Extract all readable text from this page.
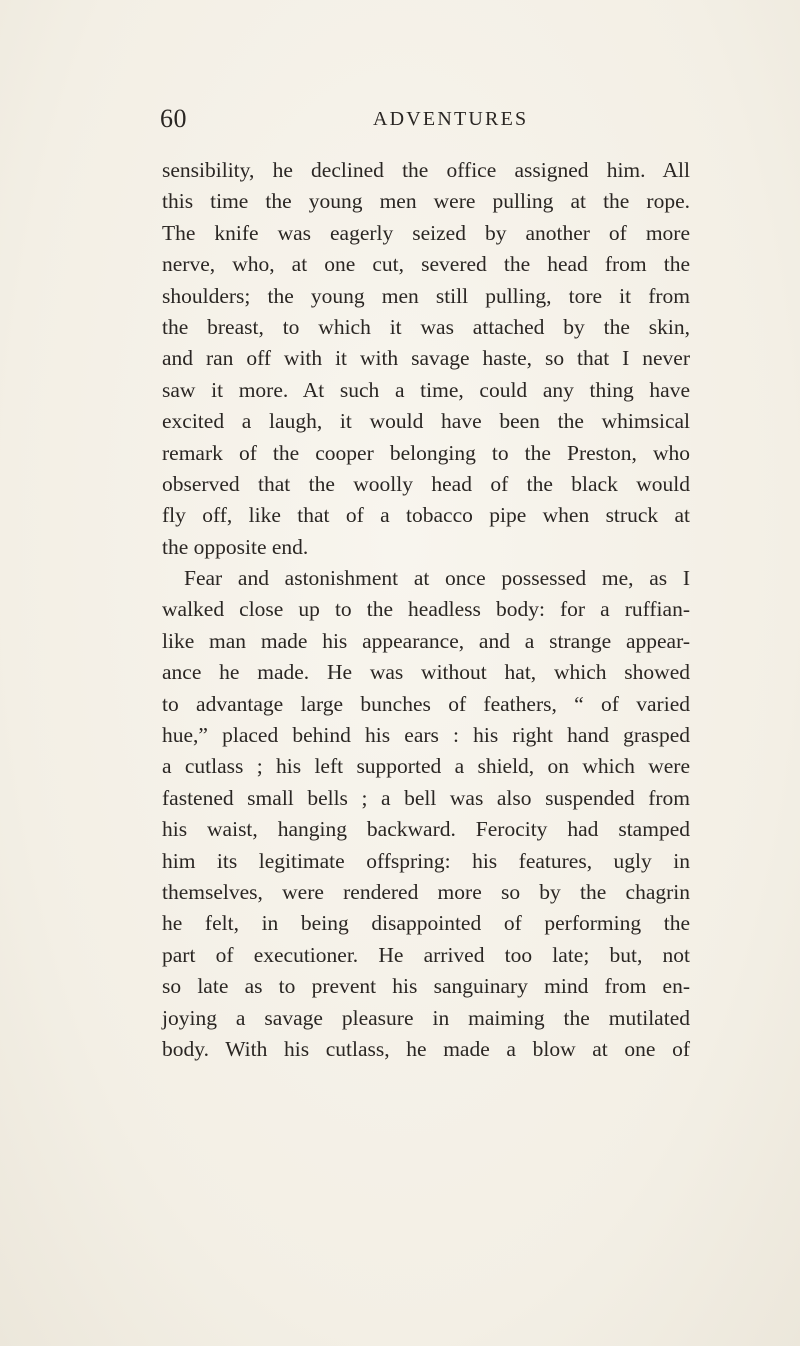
60	ADVENTURES
sensibility, he declined the office assigned him. All
this time the young men were pulling at the rope.
The knife was eagerly seized by another of more
nerve, who, at one cut, severed the head from the
shoulders; the young men still pulling, tore it from
the breast, to which it was attached by the skin,
and ran off with it with savage haste, so that I never
saw it more. At such a time, could any thing have
excited a laugh, it would have been the whimsical
remark of the cooper belonging to the Preston, who
observed that the woolly head of the black would
fly off, like that of a tobacco pipe when struck at
the opposite end.
Fear and astonishment at once possessed me, as I
walked close up to the headless body: for a ruffian-
like man made his appearance, and a strange appear-
ance he made. He was without hat, which showed
to advantage large bunches of feathers, “ of varied
hue,” placed behind his ears : his right hand grasped
a cutlass ; his left supported a shield, on which were
fastened small bells ; a bell was also suspended from
his waist, hanging backward. Ferocity had stamped
him its legitimate offspring: his features, ugly in
themselves, were rendered more so by the chagrin
he felt, in being disappointed of performing the
part of executioner. He arrived too late; but, not
so late as to prevent his sanguinary mind from en-
joying a savage pleasure in maiming the mutilated
body. With his cutlass, he made a blow at one of
